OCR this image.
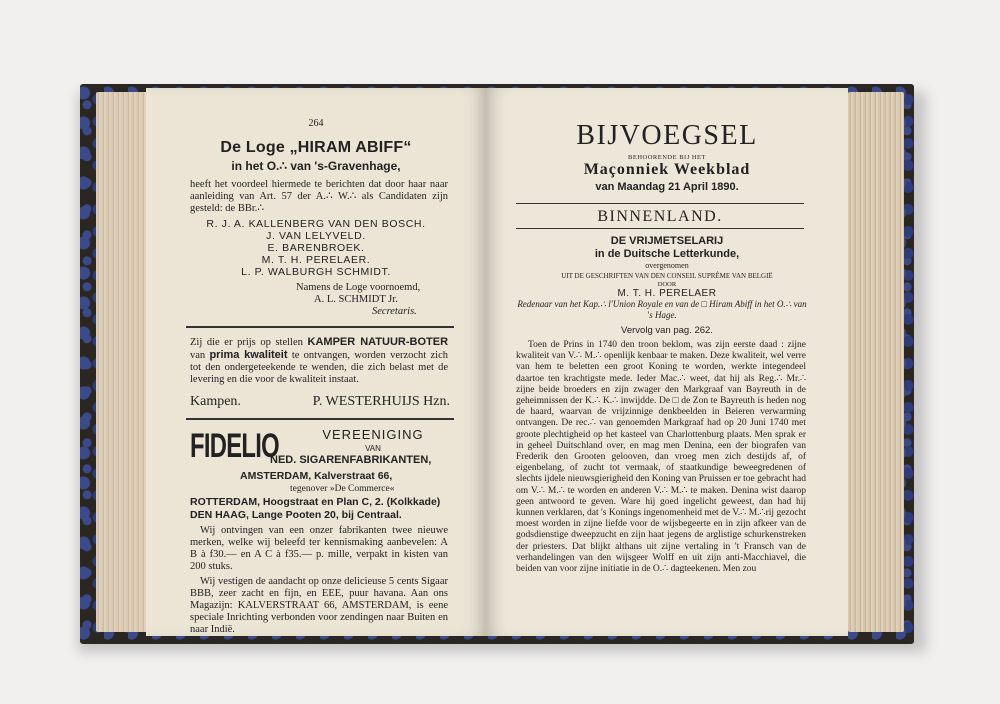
264
De Loge „HIRAM ABIFF“
in het O.∴ van 's-Gravenhage,
heeft het voordeel hiermede te berichten dat door haar naar aanleiding van Art. 57 der A.∴ W.∴ als Candidaten zijn gesteld: de BBr.∴
R. J. A. KALLENBERG VAN DEN BOSCH.
J. VAN LELYVELD.
E. BARENBROEK.
M. T. H. PERELAER.
L. P. WALBURGH SCHMIDT.
Namens de Loge voornoemd,
A. L. SCHMIDT Jr.
Secretaris.
Zij die er prijs op stellen KAMPER NATUUR-BOTER van prima kwaliteit te ontvangen, worden verzocht zich tot den ondergeteekende te wenden, die zich belast met de levering en die voor de kwaliteit instaat.
Kampen.	P. WESTERHUIJS Hzn.
FIDELIO	VEREENIGING
VAN
NED. SIGARENFABRIKANTEN,
AMSTERDAM, Kalverstraat 66,
tegenover »De Commerce«
ROTTERDAM, Hoogstraat en Plan C, 2. (Kolkkade)
DEN HAAG, Lange Pooten 20, bij Centraal.
Wij ontvingen van een onzer fabrikanten twee nieuwe merken, welke wij beleefd ter kennismaking aanbevelen: A B à f30.— en A C à f35.— p. mille, verpakt in kisten van 200 stuks.
Wij vestigen de aandacht op onze delicieuse 5 cents Sigaar BBB, zeer zacht en fijn, en EEE, puur havana. Aan ons Magazijn: KALVERSTRAAT 66, AMSTERDAM, is eene speciale Inrichting verbonden voor zendingen naar Buiten en naar Indië.
BIJVOEGSEL
BEHOORENDE BIJ HET
Maçonniek Weekblad
van Maandag 21 April 1890.
BINNENLAND.
DE VRIJMETSELARIJ
in de Duitsche Letterkunde,
overgenomen
UIT DE GESCHRIFTEN VAN DEN CONSEIL SUPRÊME VAN BELGIË
DOOR
M. T. H. PERELAER
Redenaar van het Kap.∴ l'Union Royale en van de □ Hiram Abiff in het O.∴ van 's Hage.
Vervolg van pag. 262.
Toen de Prins in 1740 den troon beklom, was zijn eerste daad : zijne kwaliteit van V.∴ M.∴ openlijk kenbaar te maken. Deze kwaliteit, wel verre van hem te beletten een groot Koning te worden, werkte integendeel daartoe ten krachtigste mede. Ieder Mac.∴ weet, dat hij als Reg.∴ Mr.∴ zijne beide broeders en zijn zwager den Markgraaf van Bayreuth in de geheimnissen der K.∴ K.∴ inwijdde. De □ de Zon te Bayreuth is heden nog de haard, waarvan de vrijzinnige denkbeelden in Beieren verwarming ontvangen. De rec.∴ van genoemden Markgraaf had op 20 Juni 1740 met groote plechtigheid op het kasteel van Charlottenburg plaats. Men sprak er in geheel Duitschland over, en mag men Denina, een der biografen van Frederik den Grooten gelooven, dan vroeg men zich destijds af, of eigenbelang, of zucht tot vermaak, of staatkundige beweegredenen of slechts ijdele nieuwsgierigheid den Koning van Pruissen er toe gebracht had om V.∴ M.∴ te worden en anderen V.∴ M.∴ te maken. Denina wist daarop geen antwoord te geven. Ware hij goed ingelicht geweest, dan had hij kunnen verklaren, dat 's Konings ingenomenheid met de V.∴ M.∴rij gezocht moest worden in zijne liefde voor de wijsbegeerte en in zijn afkeer van de godsdienstige dweepzucht en zijn haat jegens de arglistige schurkenstreken der priesters. Dat blijkt althans uit zijne vertaling in 't Fransch van de verhandelingen van den wijsgeer Wolff en uit zijn anti-Macchiavel, die beiden van voor zijne initiatie in de O.∴ dagteekenen. Men zou
